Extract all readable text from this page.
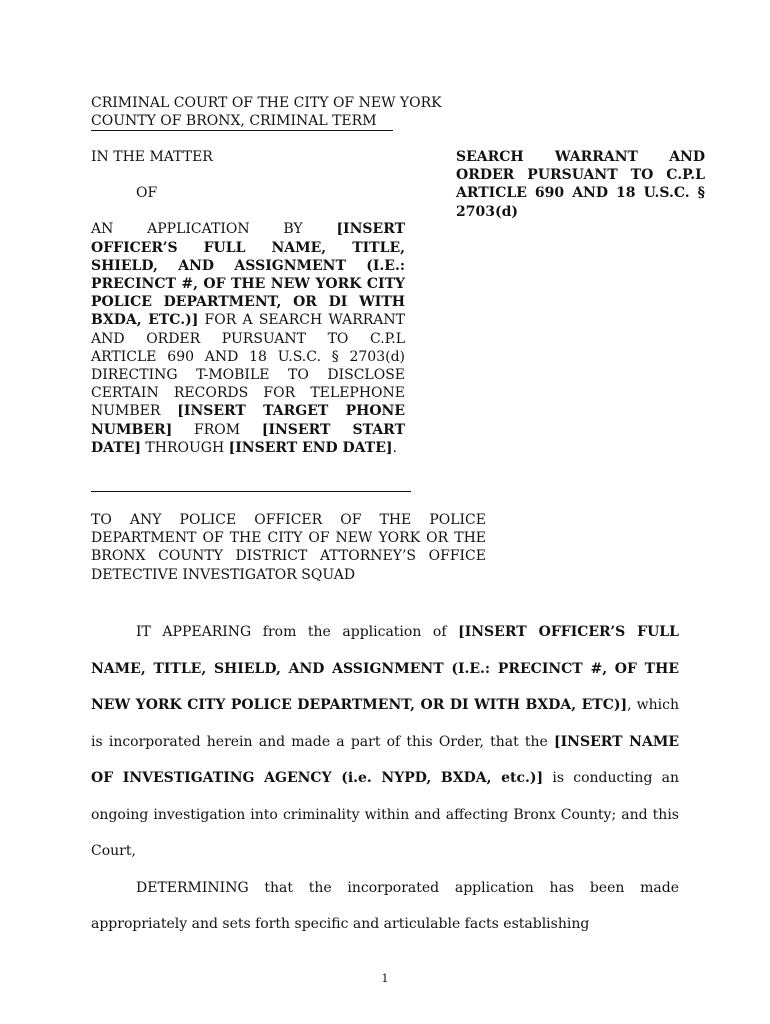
CRIMINAL COURT OF THE CITY OF NEW YORK
COUNTY OF BRONX, CRIMINAL TERM

IN THE MATTER

OF

AN APPLICATION BY [INSERT OFFICER’S FULL NAME, TITLE, SHIELD, AND ASSIGNMENT (I.E.: PRECINCT #, OF THE NEW YORK CITY POLICE DEPARTMENT, OR DI WITH BXDA, ETC.)] FOR A SEARCH WARRANT AND ORDER PURSUANT TO C.P.L ARTICLE 690 AND 18 U.S.C. § 2703(d) DIRECTING T-MOBILE TO DISCLOSE CERTAIN RECORDS FOR TELEPHONE NUMBER [INSERT TARGET PHONE NUMBER] FROM [INSERT START DATE] THROUGH [INSERT END DATE].

SEARCH WARRANT AND ORDER PURSUANT TO C.P.L ARTICLE 690 AND 18 U.S.C. § 2703(d)
TO ANY POLICE OFFICER OF THE POLICE DEPARTMENT OF THE CITY OF NEW YORK OR THE BRONX COUNTY DISTRICT ATTORNEY’S OFFICE DETECTIVE INVESTIGATOR SQUAD

IT APPEARING from the application of [INSERT OFFICER’S FULL NAME, TITLE, SHIELD, AND ASSIGNMENT (I.E.: PRECINCT #, OF THE NEW YORK CITY POLICE DEPARTMENT, OR DI WITH BXDA, ETC)], which is incorporated herein and made a part of this Order, that the [INSERT NAME OF INVESTIGATING AGENCY (i.e. NYPD, BXDA, etc.)] is conducting an ongoing investigation into criminality within and affecting Bronx County; and this Court,

DETERMINING that the incorporated application has been made appropriately and sets forth specific and articulable facts establishing

1
